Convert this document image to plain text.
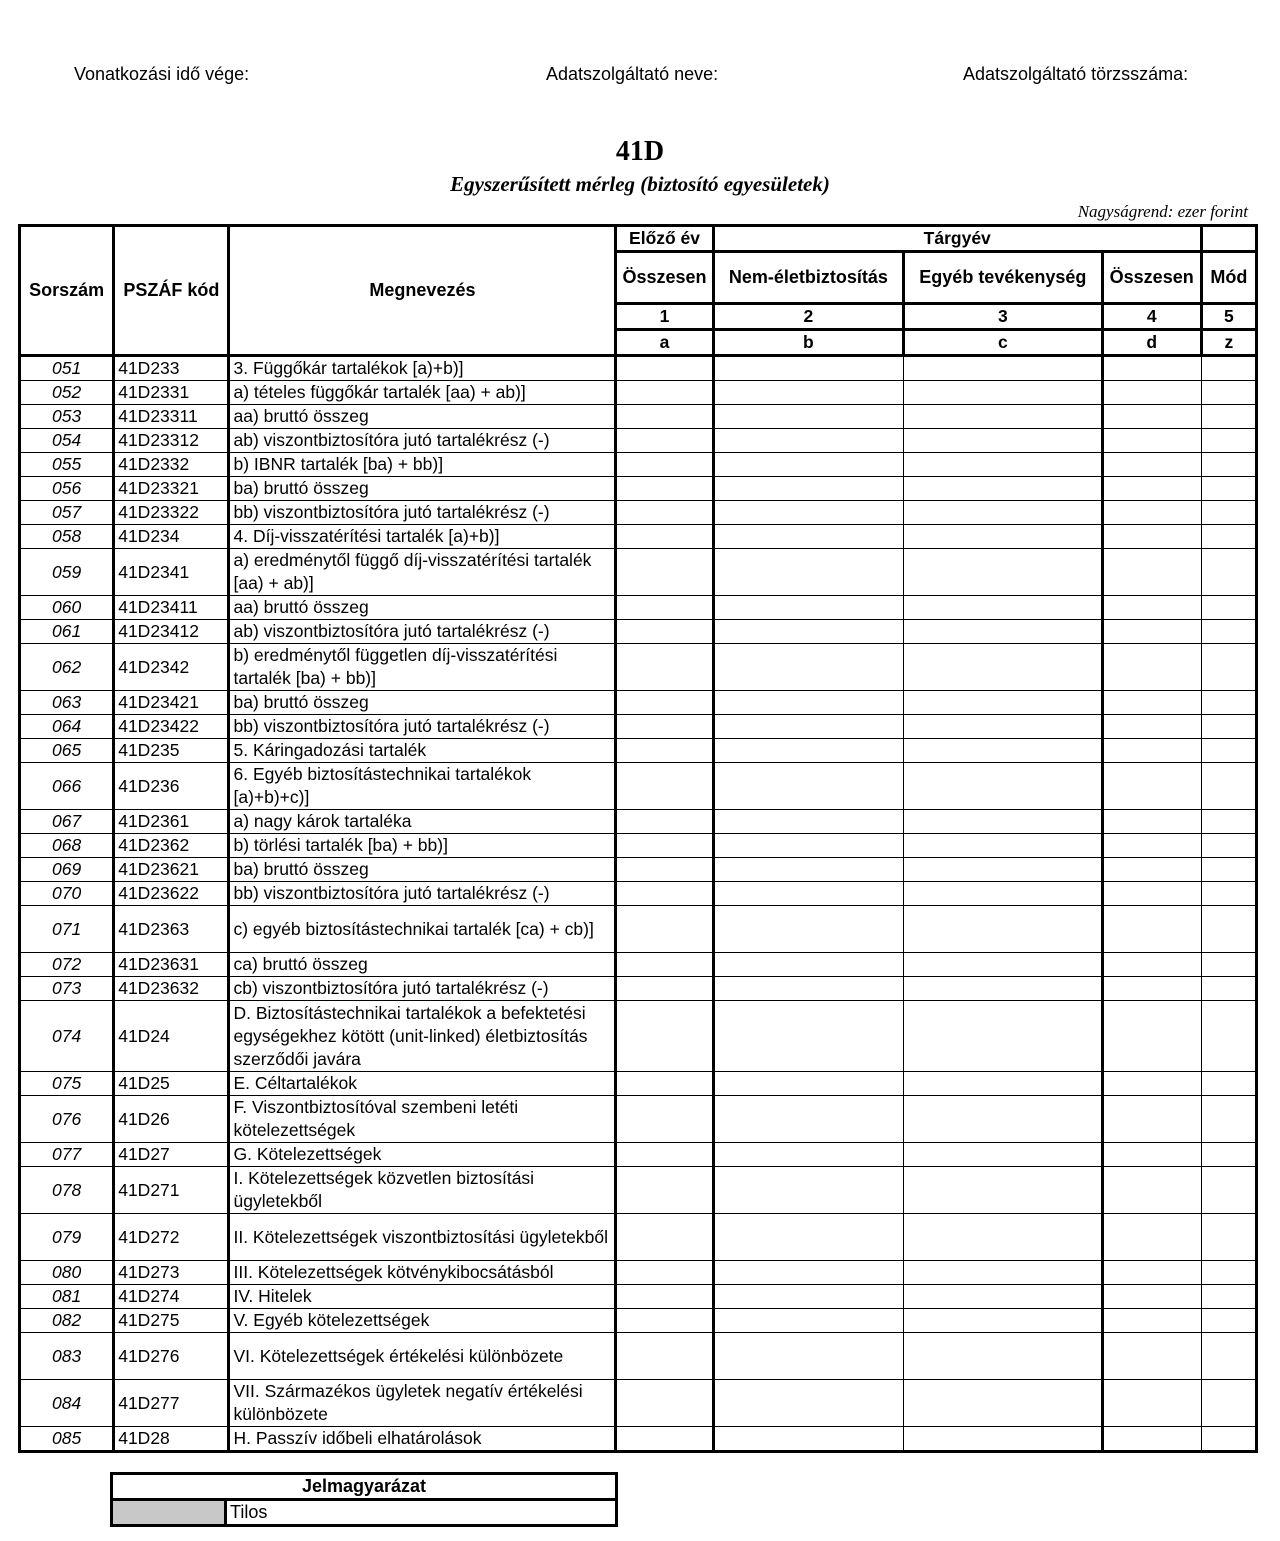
Vonatkozási idő vége:	Adatszolgáltató neve:	Adatszolgáltató törzsszáma:
41D
Egyszerűsített mérleg (biztosító egyesületek)
Nagyságrend: ezer forint
Sorszám	PSZÁF kód	Megnevezés	Előző év	Tárgyév			
			Összesen	Nem-életbiztosítás	Egyéb tevékenység	Összesen	Mód
			1	2	3	4	5
			a	b	c	d	z
051	41D233	3. Függőkár tartalékok [a)+b)]					
052	41D2331	a) tételes függőkár tartalék [aa) + ab)]					
053	41D23311	aa) bruttó összeg					
054	41D23312	ab) viszontbiztosítóra jutó tartalékrész (-)					
055	41D2332	b) IBNR tartalék [ba) + bb)]					
056	41D23321	ba) bruttó összeg					
057	41D23322	bb) viszontbiztosítóra jutó tartalékrész (-)					
058	41D234	4. Díj-visszatérítési tartalék [a)+b)]					
059	41D2341	a) eredménytől függő díj-visszatérítési tartalék [aa) + ab)]					
060	41D23411	aa) bruttó összeg					
061	41D23412	ab) viszontbiztosítóra jutó tartalékrész (-)					
062	41D2342	b) eredménytől független díj-visszatérítési tartalék [ba) + bb)]					
063	41D23421	ba) bruttó összeg					
064	41D23422	bb) viszontbiztosítóra jutó tartalékrész (-)					
065	41D235	5. Káringadozási tartalék					
066	41D236	6. Egyéb biztosítástechnikai tartalékok [a)+b)+c)]					
067	41D2361	a) nagy károk tartaléka					
068	41D2362	b) törlési tartalék [ba) + bb)]					
069	41D23621	ba) bruttó összeg					
070	41D23622	bb) viszontbiztosítóra jutó tartalékrész (-)					
071	41D2363	c) egyéb biztosítástechnikai tartalék [ca) + cb)]					
072	41D23631	ca) bruttó összeg					
073	41D23632	cb) viszontbiztosítóra jutó tartalékrész (-)					
074	41D24	D. Biztosítástechnikai tartalékok a befektetési egységekhez kötött (unit-linked) életbiztosítás szerződői javára					
075	41D25	E. Céltartalékok					
076	41D26	F. Viszontbiztosítóval szembeni letéti kötelezettségek					
077	41D27	G. Kötelezettségek					
078	41D271	I. Kötelezettségek közvetlen biztosítási ügyletekből					
079	41D272	II. Kötelezettségek viszontbiztosítási ügyletekből					
080	41D273	III. Kötelezettségek kötvénykibocsátásból					
081	41D274	IV. Hitelek					
082	41D275	V. Egyéb kötelezettségek					
083	41D276	VI. Kötelezettségek értékelési különbözete					
084	41D277	VII. Származékos ügyletek negatív értékelési különbözete					
085	41D28	H. Passzív időbeli elhatárolások					
Jelmagyarázat
	Tilos
